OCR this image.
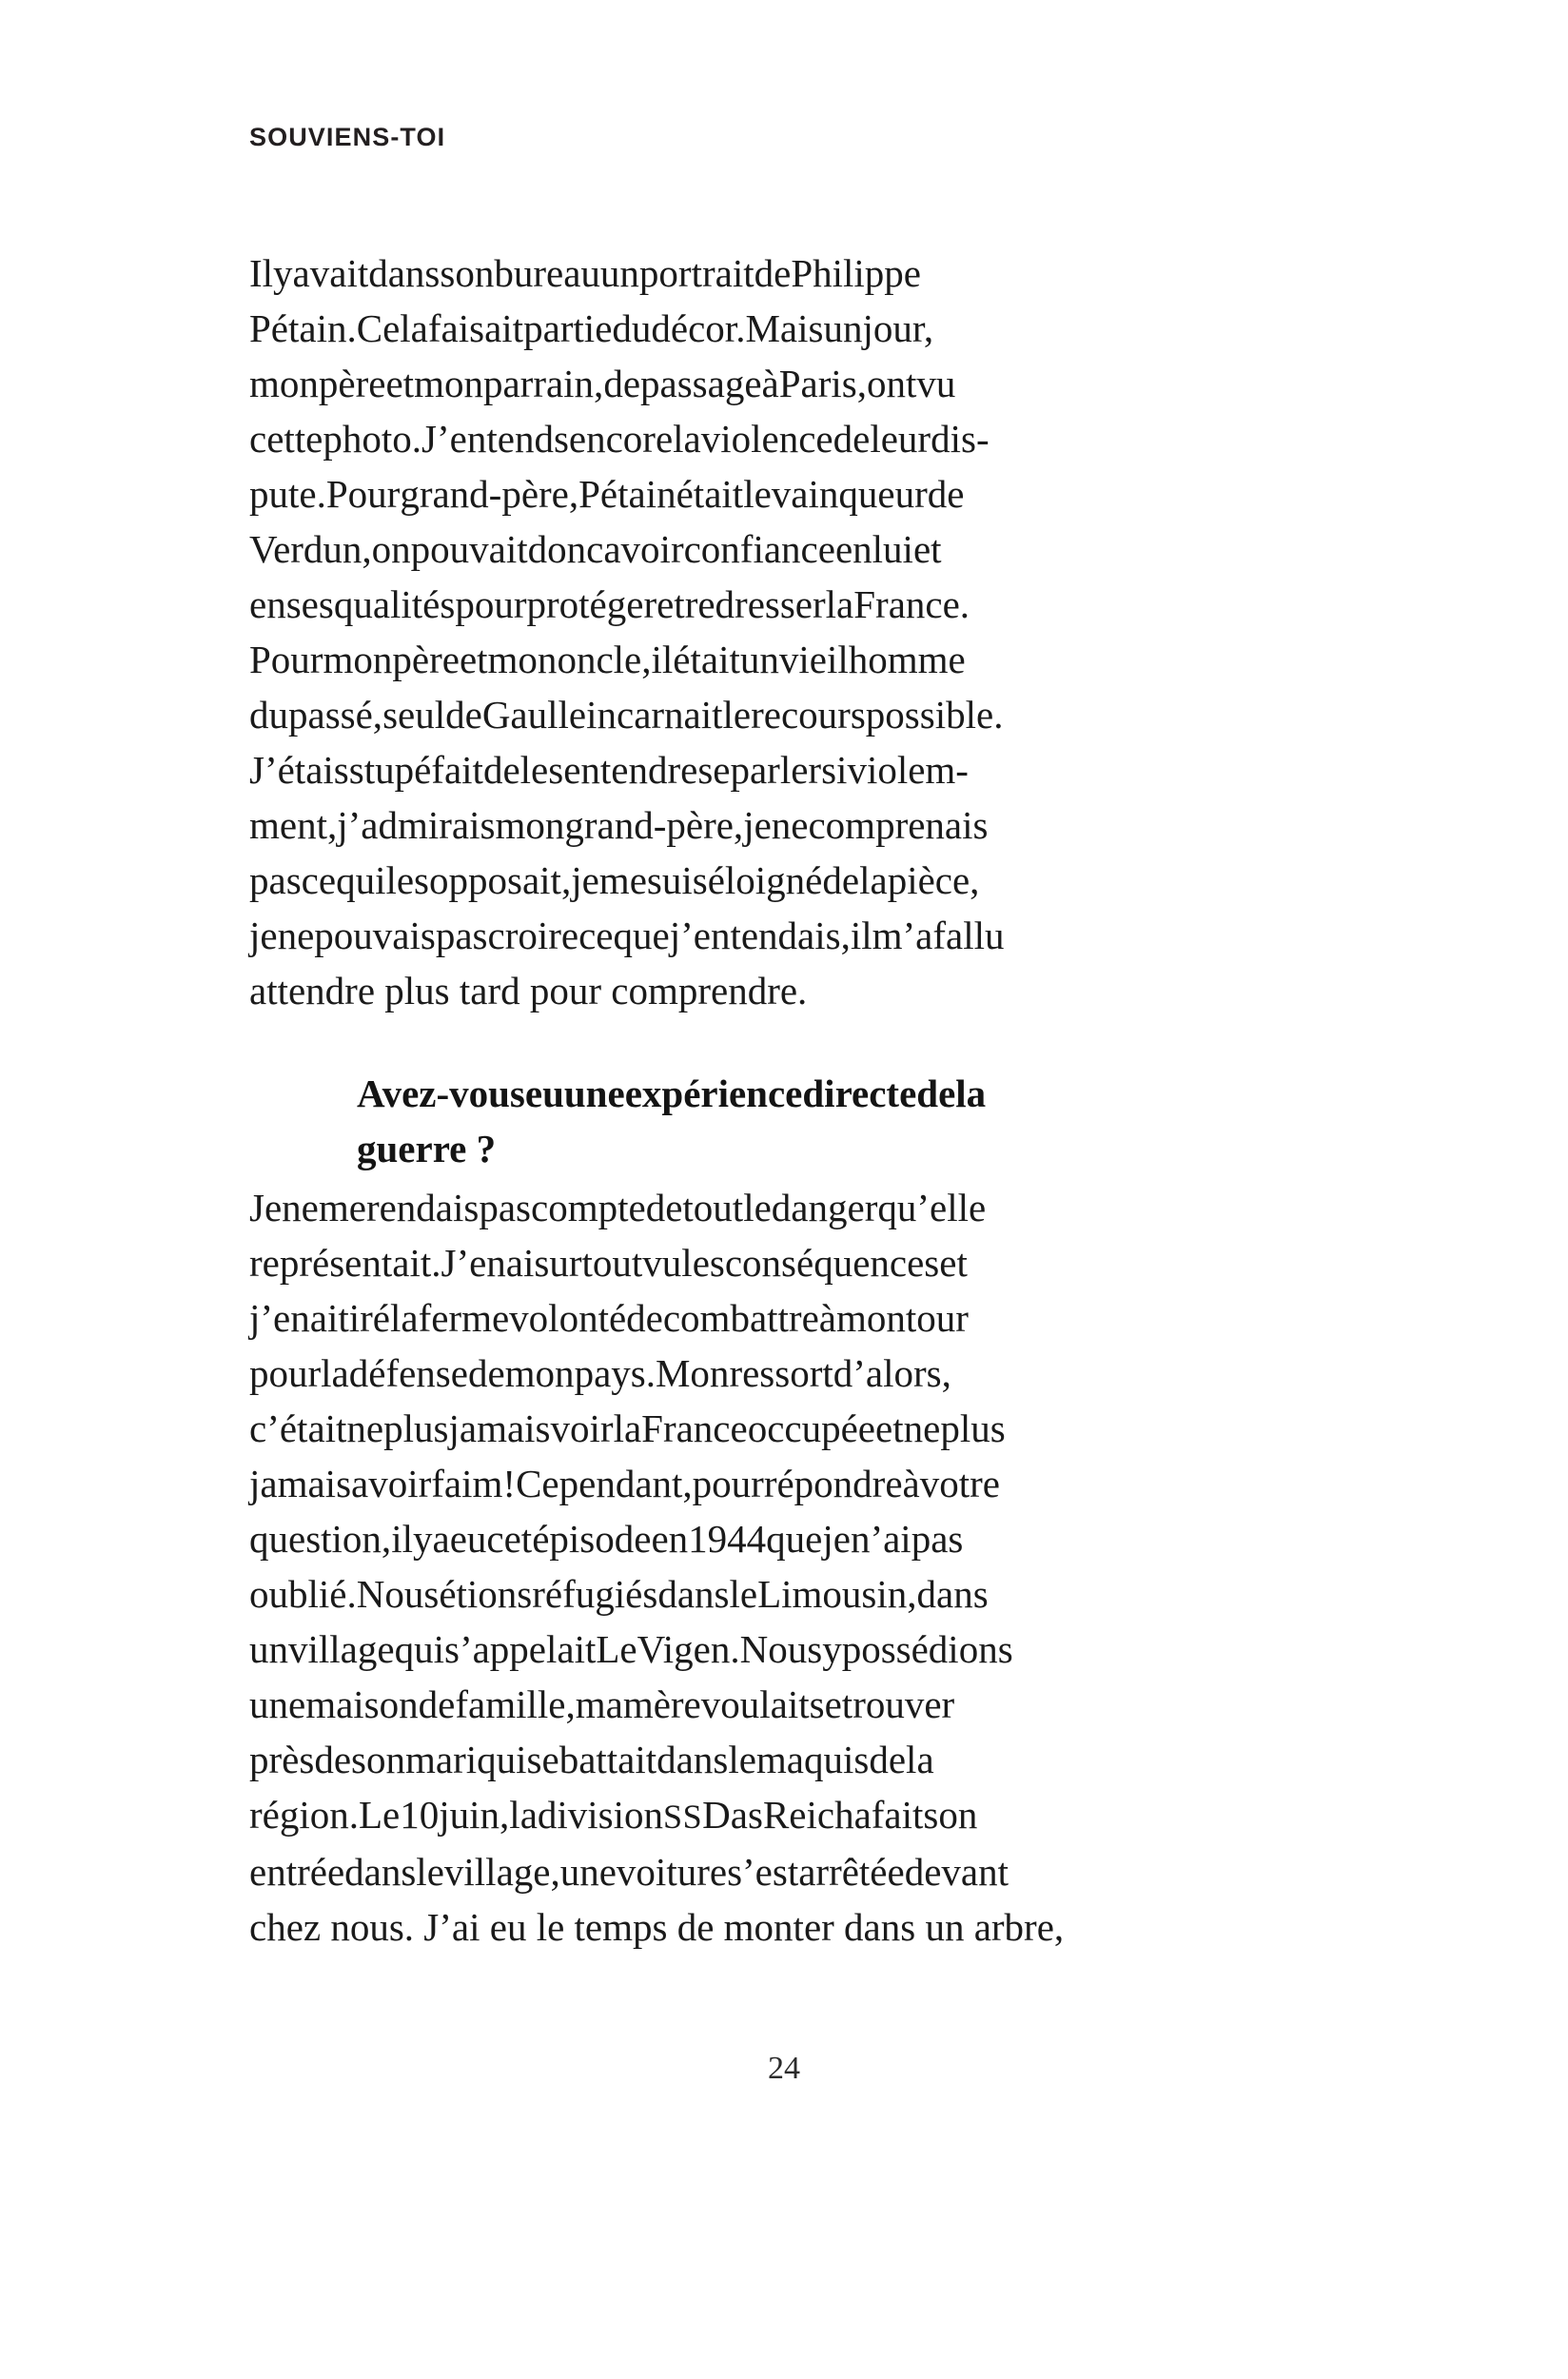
SOUVIENS-TOI

IlyavaitdanssonbureauunportraitdePhilippe
Pétain.Celafaisaitpartiedudécor.Maisunjour,
monpèreetmonparrain,depassageàParis,ontvu
cettephoto.J’entendsencorelaviolencedeleurdis-
pute.Pourgrand-père,Pétainétaitlevainqueurde
Verdun,onpouvaitdoncavoirconfianceenluiet
ensesqualitéspourprotégeretredresserlaFrance.
Pourmonpèreetmononcle,ilétaitunvieilhomme
dupassé,seuldeGaulleincarnaitlerecourspossible.
J’étaisstupéfaitdelesentendreseparlersiviolem-
ment,j’admiraismongrand-père,jenecomprenais
pascequilesopposait,jemesuiséloignédelapièce,
jenepouvaispascroirecequej’entendais,ilm’afallu
attendre plus tard pour comprendre.

Avez-vouseuuneexpériencedirectedela
guerre ?

Jenemerendaispascomptedetoutledangerqu’elle
représentait.J’enaisurtoutvulesconséquenceset
j’enaitirélafermevolontédecombattreàmontour
pourladéfensedemonpays.Monressortd’alors,
c’étaitneplusjamaisvoirlaFranceoccupéeetneplus
jamaisavoirfaim!Cependant,pourrépondreàvotre
question,ilyaeucetépisodeen1944quejen’aipas
oublié.NousétionsréfugiésdansleLimousin,dans
unvillagequis’appelaitLeVigen.Nousypossédions
unemaisondefamille,mamèrevoulaitsetrouver
prèsdesonmariquisebattaitdanslemaquisdela
région.Le10juin,ladivisionSSDasReichafaitson
entréedanslevillage,unevoitures’estarrêtéedevant
chez nous. J’ai eu le temps de monter dans un arbre,

24
